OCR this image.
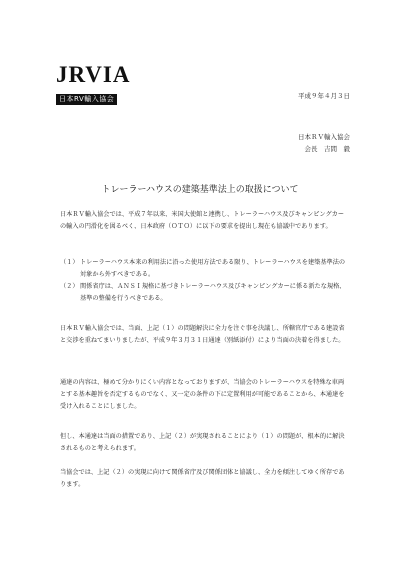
JRVIA
日本RV輸入協会	平成９年４月３日
日本ＲＶ輸入協会
会長　吉間　毅
トレーラーハウスの建築基準法上の取扱について

日本ＲＶ輸入協会では、平成７年以来、米国大使館と連携し、トレーラーハウス及びキャンピングカーの輸入の円滑化を図るべく、日本政府（ＯＴＯ）に以下の要求を提出し現在も協議中であります。

（１） トレーラーハウス本来の利用法に沿った使用方法である限り、トレーラーハウスを建築基準法の対象から外すべきである。
（２） 関係省庁は、ＡＮＳＩ規格に基づきトレーラーハウス及びキャンピングカーに係る新たな規格、基準の整備を行うべきである。

日本ＲＶ輸入協会では、当面、上記（１）の問題解決に全力を注ぐ事を決議し、所轄官庁である建設省と交渉を重ねてまいりましたが、平成９年３月３１日通達（別紙添付）により当面の決着を得ました。

通達の内容は、極めて分かりにくい内容となっておりますが、当協会のトレーラーハウスを特殊な車両とする基本趣旨を否定するものでなく、又一定の条件の下に定置利用が可能であることから、本通達を受け入れることにしました。

但し、本通達は当面の措置であり、上記（２）が実現されることにより（１）の問題が、根本的に解決されるものと考えられます。

当協会では、上記（２）の実現に向けて関係省庁及び関係団体と協議し、全力を傾注してゆく所存であります。
